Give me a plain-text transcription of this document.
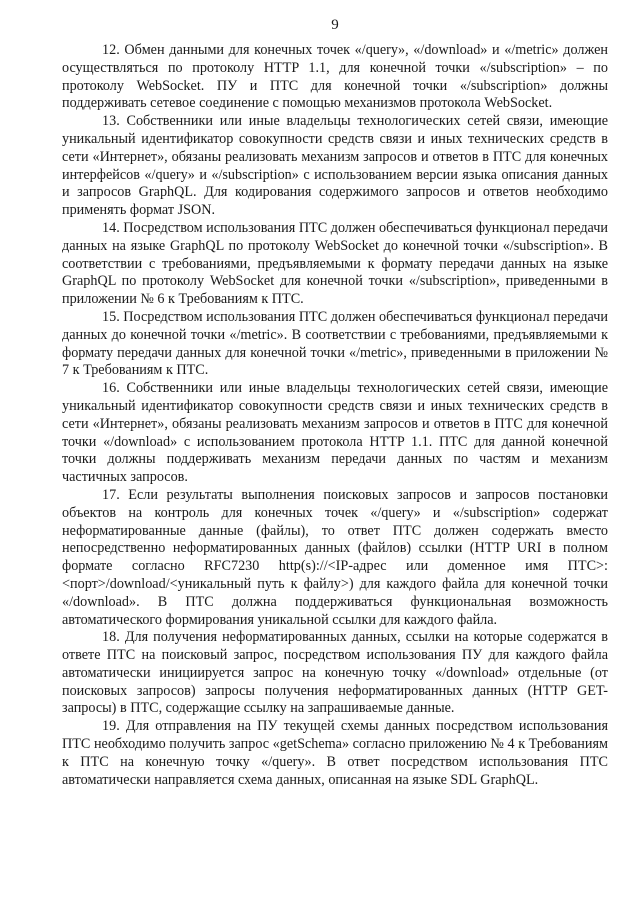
9

12. Обмен данными для конечных точек «/query», «/download» и «/metric» должен осуществляться по протоколу HTTP 1.1, для конечной точки «/subscription» – по протоколу WebSocket. ПУ и ПТС для конечной точки «/subscription» должны поддерживать сетевое соединение с помощью механизмов протокола WebSocket.

13. Собственники или иные владельцы технологических сетей связи, имеющие уникальный идентификатор совокупности средств связи и иных технических средств в сети «Интернет», обязаны реализовать механизм запросов и ответов в ПТС для конечных интерфейсов «/query» и «/subscription» с использованием версии языка описания данных и запросов GraphQL. Для кодирования содержимого запросов и ответов необходимо применять формат JSON.

14. Посредством использования ПТС должен обеспечиваться функционал передачи данных на языке GraphQL по протоколу WebSocket до конечной точки «/subscription». В соответствии с требованиями, предъявляемыми к формату передачи данных на языке GraphQL по протоколу WebSocket для конечной точки «/subscription», приведенными в приложении № 6 к Требованиям к ПТС.

15. Посредством использования ПТС должен обеспечиваться функционал передачи данных до конечной точки «/metric». В соответствии с требованиями, предъявляемыми к формату передачи данных для конечной точки «/metric», приведенными в приложении № 7 к Требованиям к ПТС.

16. Собственники или иные владельцы технологических сетей связи, имеющие уникальный идентификатор совокупности средств связи и иных технических средств в сети «Интернет», обязаны реализовать механизм запросов и ответов в ПТС для конечной точки «/download» с использованием протокола HTTP 1.1. ПТС для данной конечной точки должны поддерживать механизм передачи данных по частям и механизм частичных запросов.

17. Если результаты выполнения поисковых запросов и запросов постановки объектов на контроль для конечных точек «/query» и «/subscription» содержат неформатированные данные (файлы), то ответ ПТС должен содержать вместо непосредственно неформатированных данных (файлов) ссылки (HTTP URI в полном формате согласно RFC7230 http(s)://<IP-адрес или доменное имя ПТС>:<порт>/download/<уникальный путь к файлу>) для каждого файла для конечной точки «/download». В ПТС должна поддерживаться функциональная возможность автоматического формирования уникальной ссылки для каждого файла.

18. Для получения неформатированных данных, ссылки на которые содержатся в ответе ПТС на поисковый запрос, посредством использования ПУ для каждого файла автоматически инициируется запрос на конечную точку «/download» отдельные (от поисковых запросов) запросы получения неформатированных данных (HTTP GET-запросы) в ПТС, содержащие ссылку на запрашиваемые данные.

19. Для отправления на ПУ текущей схемы данных посредством использования ПТС необходимо получить запрос «getSchema» согласно приложению № 4 к Требованиям к ПТС на конечную точку «/query». В ответ посредством использования ПТС автоматически направляется схема данных, описанная на языке SDL GraphQL.
